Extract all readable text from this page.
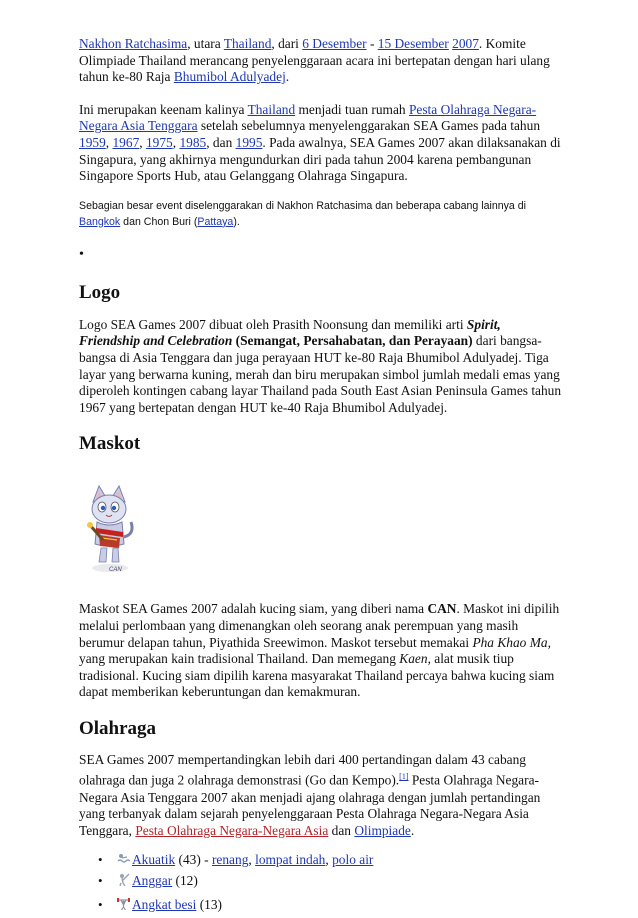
Nakhon Ratchasima, utara Thailand, dari 6 Desember - 15 Desember 2007. Komite Olimpiade Thailand merancang penyelenggaraan acara ini bertepatan dengan hari ulang tahun ke-80 Raja Bhumibol Adulyadej.

Ini merupakan keenam kalinya Thailand menjadi tuan rumah Pesta Olahraga Negara-Negara Asia Tenggara setelah sebelumnya menyelenggarakan SEA Games pada tahun 1959, 1967, 1975, 1985, dan 1995. Pada awalnya, SEA Games 2007 akan dilaksanakan di Singapura, yang akhirnya mengundurkan diri pada tahun 2004 karena pembangunan Singapore Sports Hub, atau Gelanggang Olahraga Singapura.

Sebagian besar event diselenggarakan di Nakhon Ratchasima dan beberapa cabang lainnya di Bangkok dan Chon Buri (Pattaya).

•
Logo

Logo SEA Games 2007 dibuat oleh Prasith Noonsung dan memiliki arti Spirit, Friendship and Celebration (Semangat, Persahabatan, dan Perayaan) dari bangsa-bangsa di Asia Tenggara dan juga perayaan HUT ke-80 Raja Bhumibol Adulyadej. Tiga layar yang berwarna kuning, merah dan biru merupakan simbol jumlah medali emas yang diperoleh kontingen cabang layar Thailand pada South East Asian Peninsula Games tahun 1967 yang bertepatan dengan HUT ke-40 Raja Bhumibol Adulyadej.

Maskot
CAN

Maskot SEA Games 2007 adalah kucing siam, yang diberi nama CAN. Maskot ini dipilih melalui perlombaan yang dimenangkan oleh seorang anak perempuan yang masih berumur delapan tahun, Piyathida Sreewimon. Maskot tersebut memakai Pha Khao Ma, yang merupakan kain tradisional Thailand. Dan memegang Kaen, alat musik tiup tradisional. Kucing siam dipilih karena masyarakat Thailand percaya bahwa kucing siam dapat memberikan keberuntungan dan kemakmuran.

Olahraga

SEA Games 2007 mempertandingkan lebih dari 400 pertandingan dalam 43 cabang olahraga dan juga 2 olahraga demonstrasi (Go dan Kempo).[1] Pesta Olahraga Negara-Negara Asia Tenggara 2007 akan menjadi ajang olahraga dengan jumlah pertandingan yang terbanyak dalam sejarah penyelenggaraan Pesta Olahraga Negara-Negara Asia Tenggara, Pesta Olahraga Negara-Negara Asia dan Olimpiade.

• Akuatik (43) - renang, lompat indah, polo air
• Anggar (12)
• Angkat besi (13)
